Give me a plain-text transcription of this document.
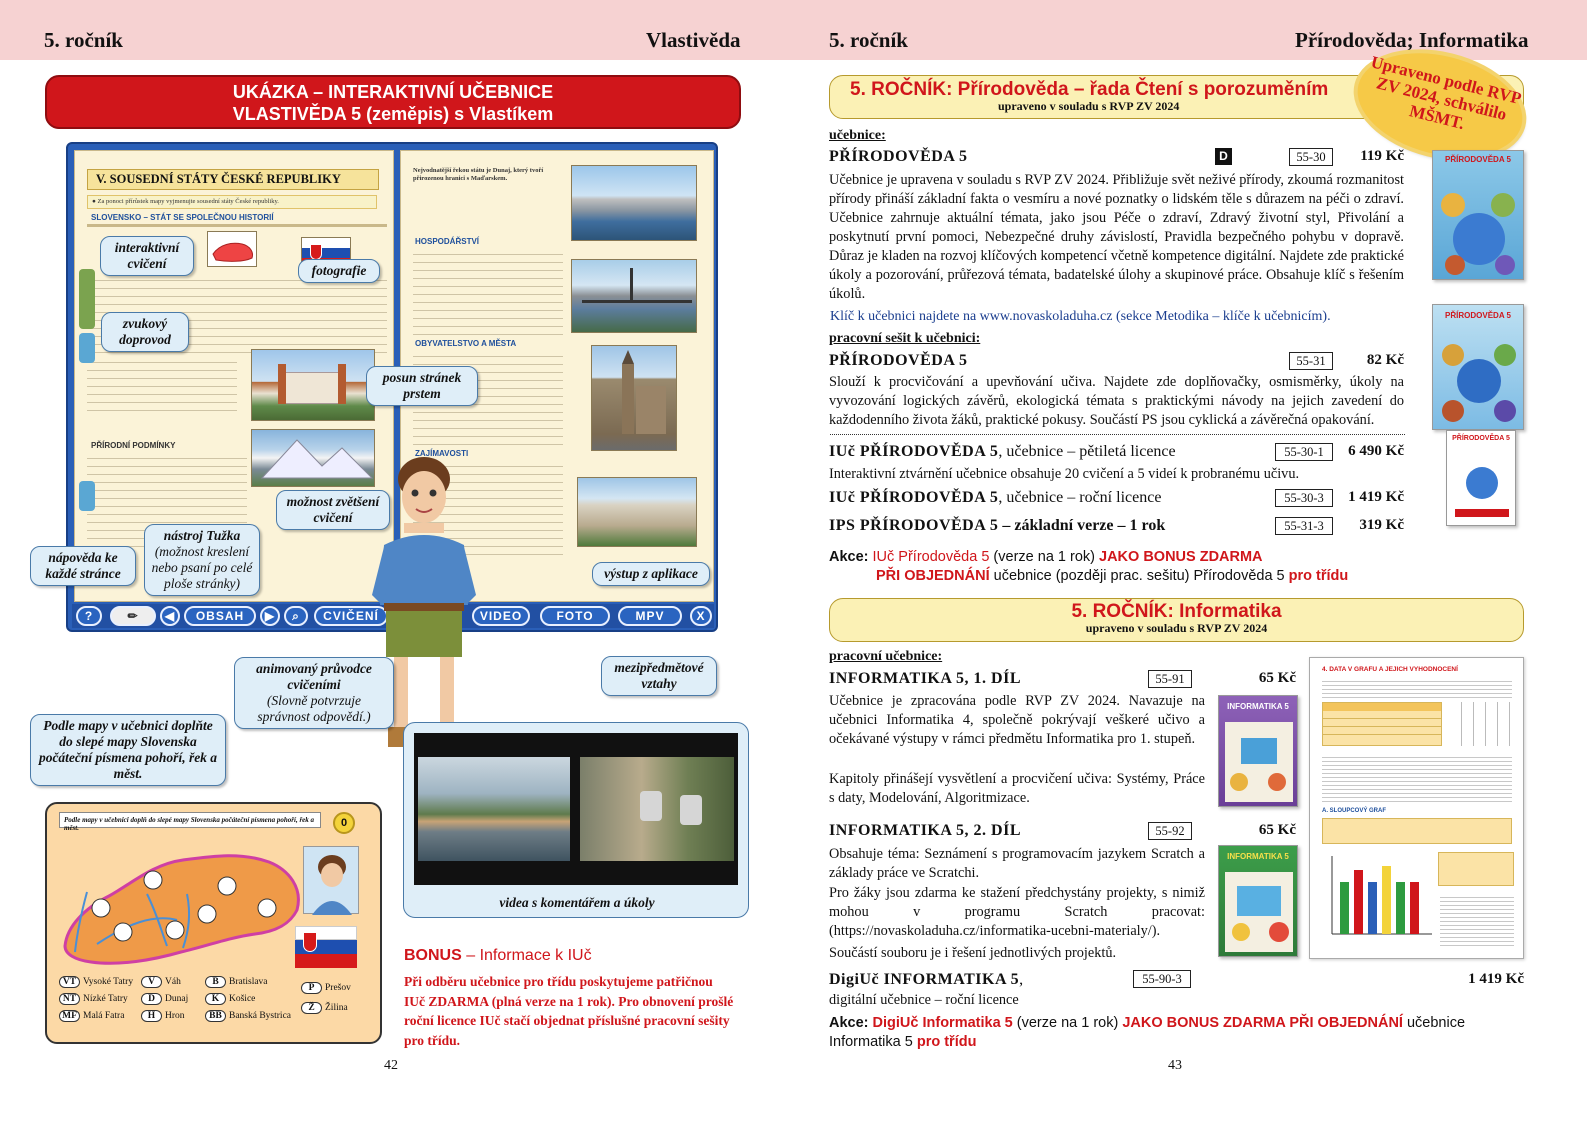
5. ročník	Vlastivěda	5. ročník	Přírodověda; Informatika
UKÁZKA – INTERAKTIVNÍ UČEBNICE
VLASTIVĚDA 5 (zeměpis) s Vlastíkem
V. SOUSEDNÍ STÁTY ČESKÉ REPUBLIKY
● Za ponoci přírůstek mapy vyjmenujte sousední státy České republiky.
SLOVENSKO – STÁT SE SPOLEČNOU HISTORIÍ
PŘÍRODNÍ PODMÍNKY
Nejvodnatější řekou státu je Dunaj, který tvoří přirozenou hranici s Maďarskem.
HOSPODÁŘSTVÍ
OBYVATELSTVO A MĚSTA
ZAJÍMAVOSTI
?	✏	◀	OBSAH	▶	⌕	CVIČENÍ	VIDEO	FOTO	MPV	X
interaktivní cvičení	fotografie
zvukový doprovod
posun stránek prstem
možnost zvětšení cvičení
nástroj Tužka
(možnost kreslení nebo psaní po celé ploše stránky)
nápověda ke každé stránce	výstup z aplikace
animovaný průvodce cvičeními
(Slovně potvrzuje správnost odpovědí.)
mezipředmětové vztahy
Podle mapy v učebnici doplňte do slepé mapy Slovenska počáteční písmena pohoří, řek a měst.
videa s komentářem a úkoly
Podle mapy v učebnici doplň do slepé mapy Slovenska počáteční písmena pohoří, řek a měst.	0
VT Vysoké Tatry
NT Nízké Tatry
MF Malá Fatra
V Váh
D Dunaj
H Hron
B Bratislava
K Košice
BB Banská Bystrica
P Prešov
Ž Žilina
BONUS – Informace k IUč
Při odběru učebnice pro třídu poskytujeme patřičnou IUč ZDARMA (plná verze na 1 rok). Pro obnovení prošlé roční licence IUč stačí objednat příslušné pracovní sešity pro třídu.
42
5. ROČNÍK: Přírodověda – řada Čtení s porozuměním
upraveno v souladu s RVP ZV 2024	Upraveno podle RVP ZV 2024, schválilo MŠMT.
učebnice:
PŘÍRODOVĚDA 5	D	55-30	119 Kč
Učebnice je upravena v souladu s RVP ZV 2024. Přibližuje svět neživé přírody, zkoumá rozmanitost přírody přináší základní fakta o vesmíru a nové poznatky o lidském těle s důrazem na péči o zdraví. Učebnice zahrnuje aktuální témata, jako jsou Péče o zdraví, Zdravý životní styl, Přivolání a poskytnutí první pomoci, Nebezpečné druhy závislostí, Pravidla bezpečného pohybu v dopravě. Důraz je kladen na rozvoj klíčových kompetencí včetně kompetence digitální. Najdete zde praktické úkoly a pozorování, průřezová témata, badatelské úlohy a skupinové práce. Obsahuje klíč s řešením úkolů.
Klíč k učebnici najdete na www.novaskoladuha.cz (sekce Metodika – klíče k učebnicím).
pracovní sešit k učebnici:
PŘÍRODOVĚDA 5	55-31	82 Kč
Slouží k procvičování a upevňování učiva. Najdete zde doplňovačky, osmisměrky, úkoly na vyvozování logických závěrů, ekologická témata s praktickými návody na jejich zavedení do každodenního života žáků, praktické pokusy. Součástí PS jsou cyklická a závěrečná opakování.
IUč PŘÍRODOVĚDA 5, učebnice – pětiletá licence	55-30-1	6 490 Kč
Interaktivní ztvárnění učebnice obsahuje 20 cvičení a 5 videí k probranému učivu.
IUč PŘÍRODOVĚDA 5, učebnice – roční licence	55-30-3	1 419 Kč
IPS PŘÍRODOVĚDA 5 – základní verze – 1 rok	55-31-3	319 Kč
Akce: IUč Přírodověda 5 (verze na 1 rok) JAKO BONUS ZDARMA
PŘI OBJEDNÁNÍ učebnice (později prac. sešitu) Přírodověda 5 pro třídu
PŘÍRODOVĚDA 5
PŘÍRODOVĚDA 5
PŘÍRODOVĚDA 5
5. ROČNÍK: Informatika
upraveno v souladu s RVP ZV 2024
pracovní učebnice:
INFORMATIKA 5, 1. DÍL	55-91	65 Kč
Učebnice je zpracována podle RVP ZV 2024. Navazuje na učebnici Informatika 4, společně pokrývají veškeré učivo a očekávané výstupy v rámci předmětu Informatika pro 1. stupeň.
Kapitoly přinášejí vysvětlení a procvičení učiva: Systémy, Práce s daty, Modelování, Algoritmizace.
INFORMATIKA 5, 2. DÍL	55-92	65 Kč
Obsahuje téma: Seznámení s programovacím jazykem Scratch a základy práce ve Scratchi.
Pro žáky jsou zdarma ke stažení předchystány projekty, s nimiž mohou v programu Scratch pracovat: (https://novaskoladuha.cz/informatika-ucebni-materialy/).
Součástí souboru je i řešení jednotlivých projektů.
DigiUč INFORMATIKA 5,	55-90-3	1 419 Kč
digitální učebnice – roční licence
Akce: DigiUč Informatika 5 (verze na 1 rok) JAKO BONUS ZDARMA PŘI OBJEDNÁNÍ učebnice Informatika 5 pro třídu
INFORMATIKA 5
INFORMATIKA 5
4. DATA V GRAFU A JEJICH VYHODNOCENÍ
A. SLOUPCOVÝ GRAF
43
